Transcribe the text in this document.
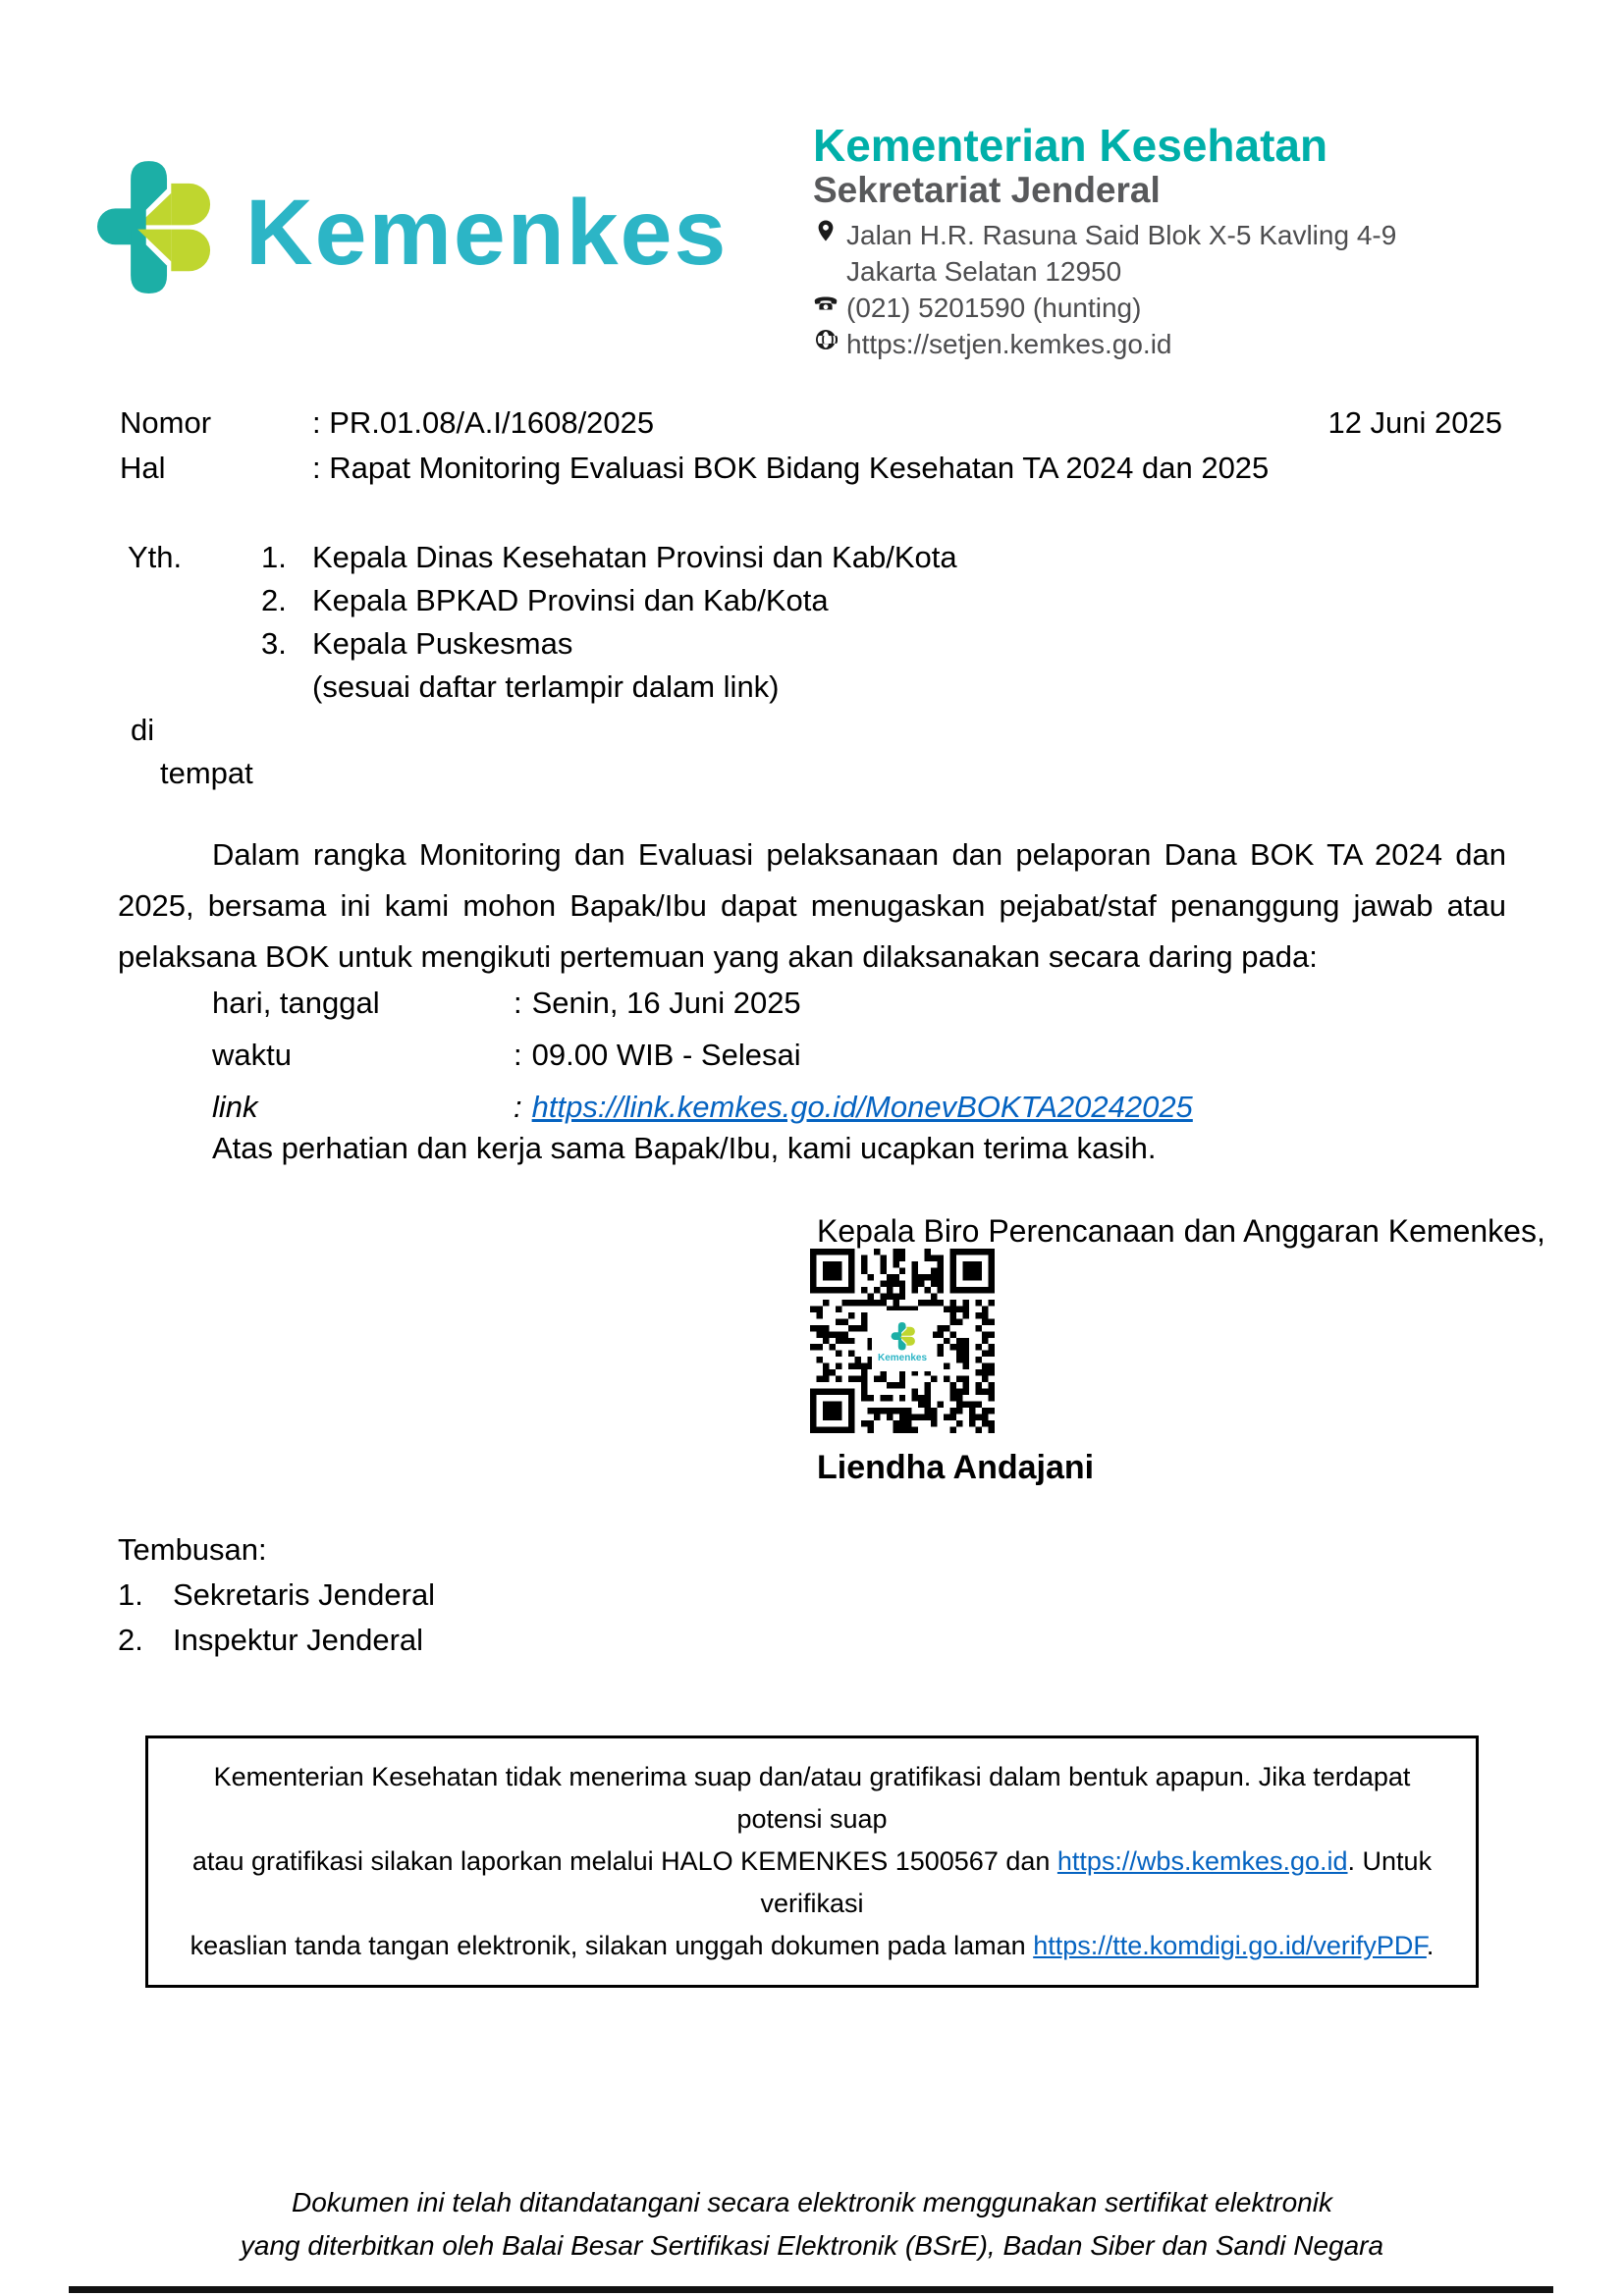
Kemenkes
Kementerian Kesehatan
Sekretariat Jenderal
Jalan H.R. Rasuna Said Blok X-5 Kavling 4-9
Jakarta Selatan 12950
(021) 5201590 (hunting)
https://setjen.kemkes.go.id
Nomor	: PR.01.08/A.I/1608/2025	12 Juni 2025
Hal	: Rapat Monitoring Evaluasi BOK Bidang Kesehatan TA 2024 dan 2025
Yth.	1. Kepala Dinas Kesehatan Provinsi dan Kab/Kota
2. Kepala BPKAD Provinsi dan Kab/Kota
3. Kepala Puskesmas
(sesuai daftar terlampir dalam link)
di
tempat
Dalam rangka Monitoring dan Evaluasi pelaksanaan dan pelaporan Dana BOK TA 2024 dan 2025, bersama ini kami mohon Bapak/Ibu dapat menugaskan pejabat/staf penanggung jawab atau pelaksana BOK untuk mengikuti pertemuan yang akan dilaksanakan secara daring pada:
hari, tanggal	: Senin, 16 Juni 2025
waktu	: 09.00 WIB - Selesai
link	: https://link.kemkes.go.id/MonevBOKTA20242025
Atas perhatian dan kerja sama Bapak/Ibu, kami ucapkan terima kasih.
Kepala Biro Perencanaan dan Anggaran Kemenkes,
Kemenkes
Liendha Andajani
Tembusan:
1. Sekretaris Jenderal
2. Inspektur Jenderal
Kementerian Kesehatan tidak menerima suap dan/atau gratifikasi dalam bentuk apapun. Jika terdapat potensi suap
atau gratifikasi silakan laporkan melalui HALO KEMENKES 1500567 dan https://wbs.kemkes.go.id. Untuk verifikasi
keaslian tanda tangan elektronik, silakan unggah dokumen pada laman https://tte.komdigi.go.id/verifyPDF.
Dokumen ini telah ditandatangani secara elektronik menggunakan sertifikat elektronik
yang diterbitkan oleh Balai Besar Sertifikasi Elektronik (BSrE), Badan Siber dan Sandi Negara
